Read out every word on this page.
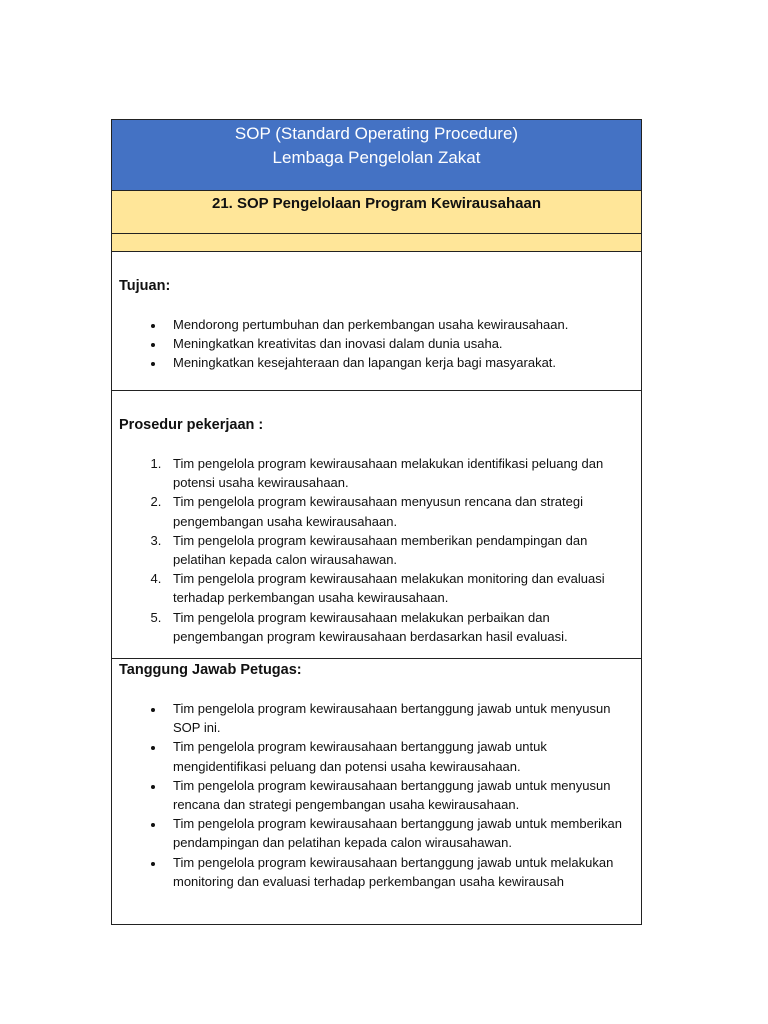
SOP (Standard Operating Procedure)
Lembaga Pengelolan Zakat
21. SOP Pengelolaan Program Kewirausahaan
Tujuan:
• Mendorong pertumbuhan dan perkembangan usaha kewirausahaan.
• Meningkatkan kreativitas dan inovasi dalam dunia usaha.
• Meningkatkan kesejahteraan dan lapangan kerja bagi masyarakat.
Prosedur pekerjaan :
1. Tim pengelola program kewirausahaan melakukan identifikasi peluang dan potensi usaha kewirausahaan.
2. Tim pengelola program kewirausahaan menyusun rencana dan strategi pengembangan usaha kewirausahaan.
3. Tim pengelola program kewirausahaan memberikan pendampingan dan pelatihan kepada calon wirausahawan.
4. Tim pengelola program kewirausahaan melakukan monitoring dan evaluasi terhadap perkembangan usaha kewirausahaan.
5. Tim pengelola program kewirausahaan melakukan perbaikan dan pengembangan program kewirausahaan berdasarkan hasil evaluasi.
Tanggung Jawab Petugas:
• Tim pengelola program kewirausahaan bertanggung jawab untuk menyusun SOP ini.
• Tim pengelola program kewirausahaan bertanggung jawab untuk mengidentifikasi peluang dan potensi usaha kewirausahaan.
• Tim pengelola program kewirausahaan bertanggung jawab untuk menyusun rencana dan strategi pengembangan usaha kewirausahaan.
• Tim pengelola program kewirausahaan bertanggung jawab untuk memberikan pendampingan dan pelatihan kepada calon wirausahawan.
• Tim pengelola program kewirausahaan bertanggung jawab untuk melakukan monitoring dan evaluasi terhadap perkembangan usaha kewirausah
